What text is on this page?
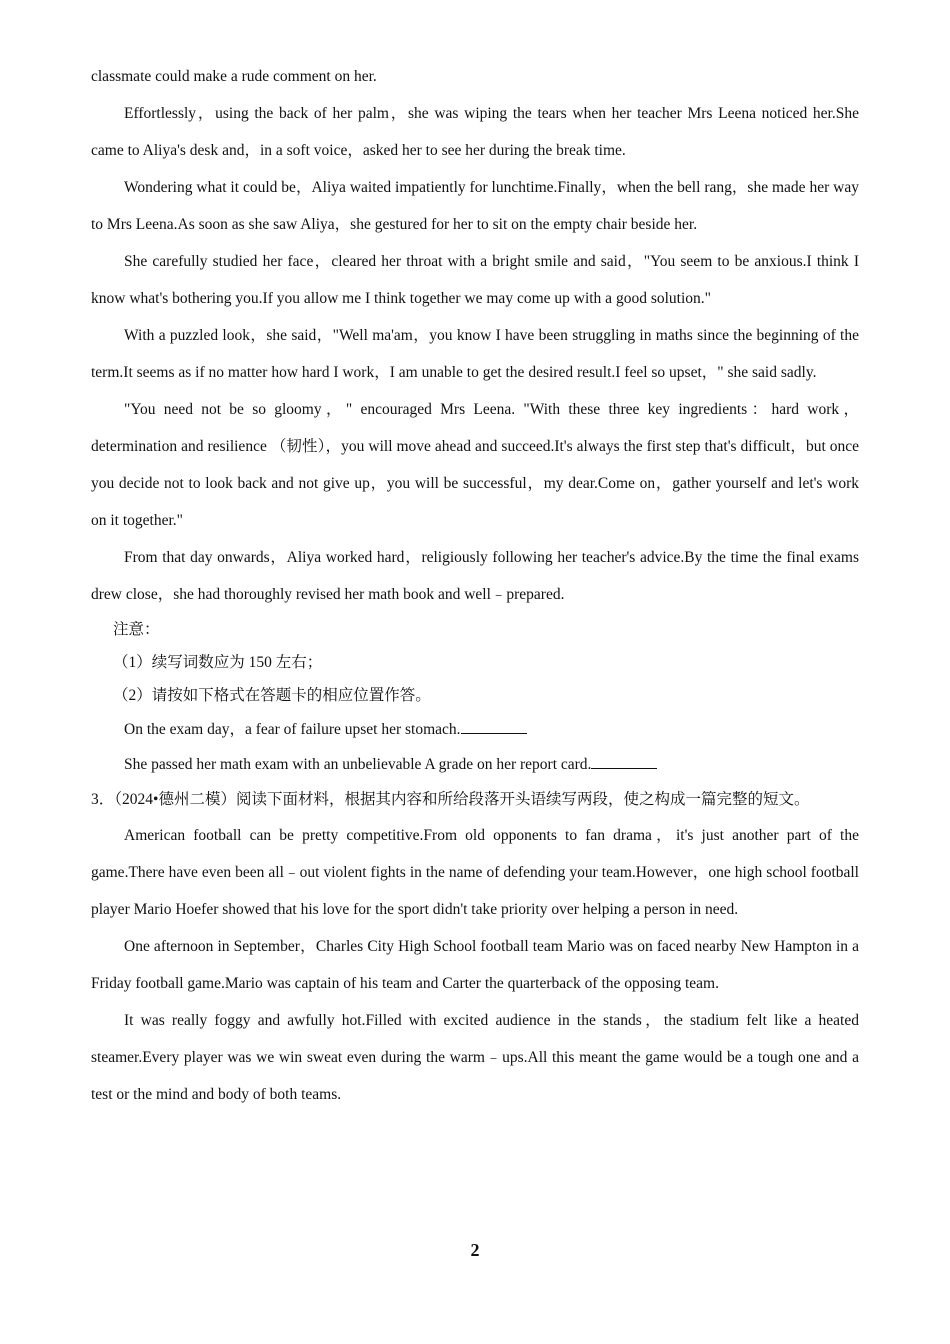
classmate could make a rude comment on her.

Effortlessly，using the back of her palm，she was wiping the tears when her teacher Mrs Leena noticed her.She came to Aliya's desk and，in a soft voice，asked her to see her during the break time.

Wondering what it could be，Aliya waited impatiently for lunchtime.Finally，when the bell rang，she made her way to Mrs Leena.As soon as she saw Aliya，she gestured for her to sit on the empty chair beside her.

She carefully studied her face，cleared her throat with a bright smile and said，"You seem to be anxious.I think I know what's bothering you.If you allow me I think together we may come up with a good solution."

With a puzzled look，she said，"Well ma'am，you know I have been struggling in maths since the beginning of the term.It seems as if no matter how hard I work，I am unable to get the desired result.I feel so upset，" she said sadly.

"You need not be so gloomy，" encouraged Mrs Leena. "With these three key ingredients：hard work，determination and resilience （韧性），you will move ahead and succeed.It's always the first step that's difficult，but once you decide not to look back and not give up，you will be successful，my dear.Come on，gather yourself and let's work on it together."

From that day onwards，Aliya worked hard，religiously following her teacher's advice.By the time the final exams drew close，she had thoroughly revised her math book and well﹣prepared.

注意：

（1）续写词数应为 150 左右；

（2）请按如下格式在答题卡的相应位置作答。

On the exam day，a fear of failure upset her stomach.

She passed her math exam with an unbelievable A grade on her report card.

3．（2024•德州二模）阅读下面材料，根据其内容和所给段落开头语续写两段，使之构成一篇完整的短文。

American football can be pretty competitive.From old opponents to fan drama，it's just another part of the game.There have even been all﹣out violent fights in the name of defending your team.However，one high school football player Mario Hoefer showed that his love for the sport didn't take priority over helping a person in need.

One afternoon in September，Charles City High School football team Mario was on faced nearby New Hampton in a Friday football game.Mario was captain of his team and Carter the quarterback of the opposing team.

It was really foggy and awfully hot.Filled with excited audience in the stands，the stadium felt like a heated steamer.Every player was we win sweat even during the warm﹣ups.All this meant the game would be a tough one and a test or the mind and body of both teams.

2
